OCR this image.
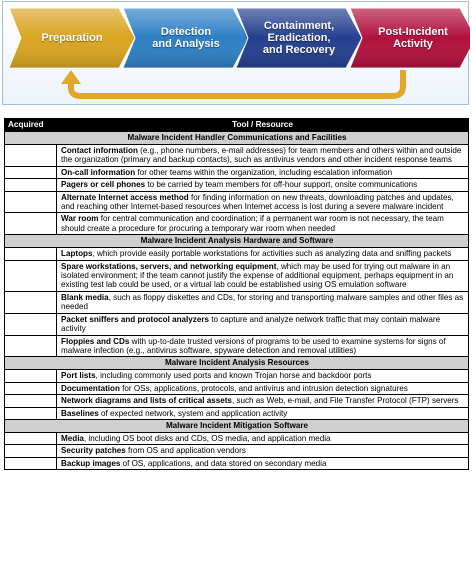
Preparation	Detection
and Analysis
Containment,
Eradication,
and Recovery
Post-Incident
Activity
Acquired	Tool / Resource
Malware Incident Handler Communications and Facilities	
	Contact information (e.g., phone numbers, e-mail addresses) for team members and others within and outside the organization (primary and backup contacts), such as antivirus vendors and other incident response teams
	On-call information for other teams within the organization, including escalation information
	Pagers or cell phones to be carried by team members for off-hour support, onsite communications
	Alternate Internet access method for finding information on new threats, downloading patches and updates, and reaching other Internet-based resources when Internet access is lost during a severe malware incident
	War room for central communication and coordination; if a permanent war room is not necessary, the team should create a procedure for procuring a temporary war room when needed
Malware Incident Analysis Hardware and Software	
	Laptops, which provide easily portable workstations for activities such as analyzing data and sniffing packets
	Spare workstations, servers, and networking equipment, which may be used for trying out malware in an isolated environment; if the team cannot justify the expense of additional equipment, perhaps equipment in an existing test lab could be used, or a virtual lab could be established using OS emulation software
	Blank media, such as floppy diskettes and CDs, for storing and transporting malware samples and other files as needed
	Packet sniffers and protocol analyzers to capture and analyze network traffic that may contain malware activity
	Floppies and CDs with up-to-date trusted versions of programs to be used to examine systems for signs of malware infection (e.g., antivirus software, spyware detection and removal utilities)
Malware Incident Analysis Resources	
	Port lists, including commonly used ports and known Trojan horse and backdoor ports
	Documentation for OSs, applications, protocols, and antivirus and intrusion detection signatures
	Network diagrams and lists of critical assets, such as Web, e-mail, and File Transfer Protocol (FTP) servers
	Baselines of expected network, system and application activity
Malware Incident Mitigation Software	
	Media, including OS boot disks and CDs, OS media, and application media
	Security patches from OS and application vendors
	Backup images of OS, applications, and data stored on secondary media
